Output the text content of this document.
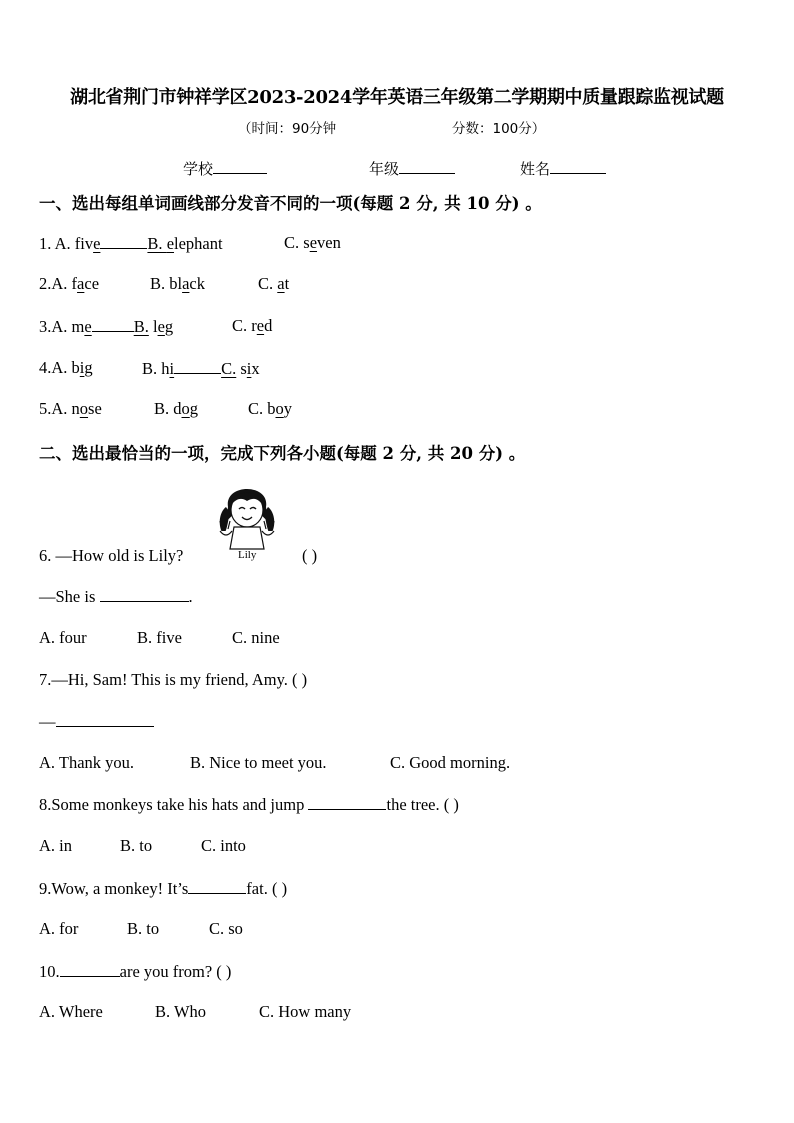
湖北省荆门市钟祥学区2023-2024学年英语三年级第二学期期中质量跟踪监视试题
（时间：90分钟	分数：100分）
学校	年级	姓名
一、选出每组单词画线部分发音不同的一项(每题 2 分, 共 10 分) 。
1. A. five	B. elephant	C. seven
2.A. face	B. black	C. at
3.A. me	B. leg	C. red
4.A. big	B. hi	C. six
5.A. nose	B. dog	C. boy
二、选出最恰当的一项，完成下列各小题(每题 2 分, 共 20 分) 。
Lily
6. —How old is Lily?	( )
—She is	.
A. four	B. five	C. nine
7.—Hi, Sam! This is my friend, Amy. ( )
—
A. Thank you.	B. Nice to meet you.	C. Good morning.
8.Some monkeys take his hats and jump	the tree. ( )
A. in	B. to	C. into
9.Wow, a monkey! It’s	fat. ( )
A. for	B. to	C. so
10.	are you from? ( )
A. Where	B. Who	C. How many
